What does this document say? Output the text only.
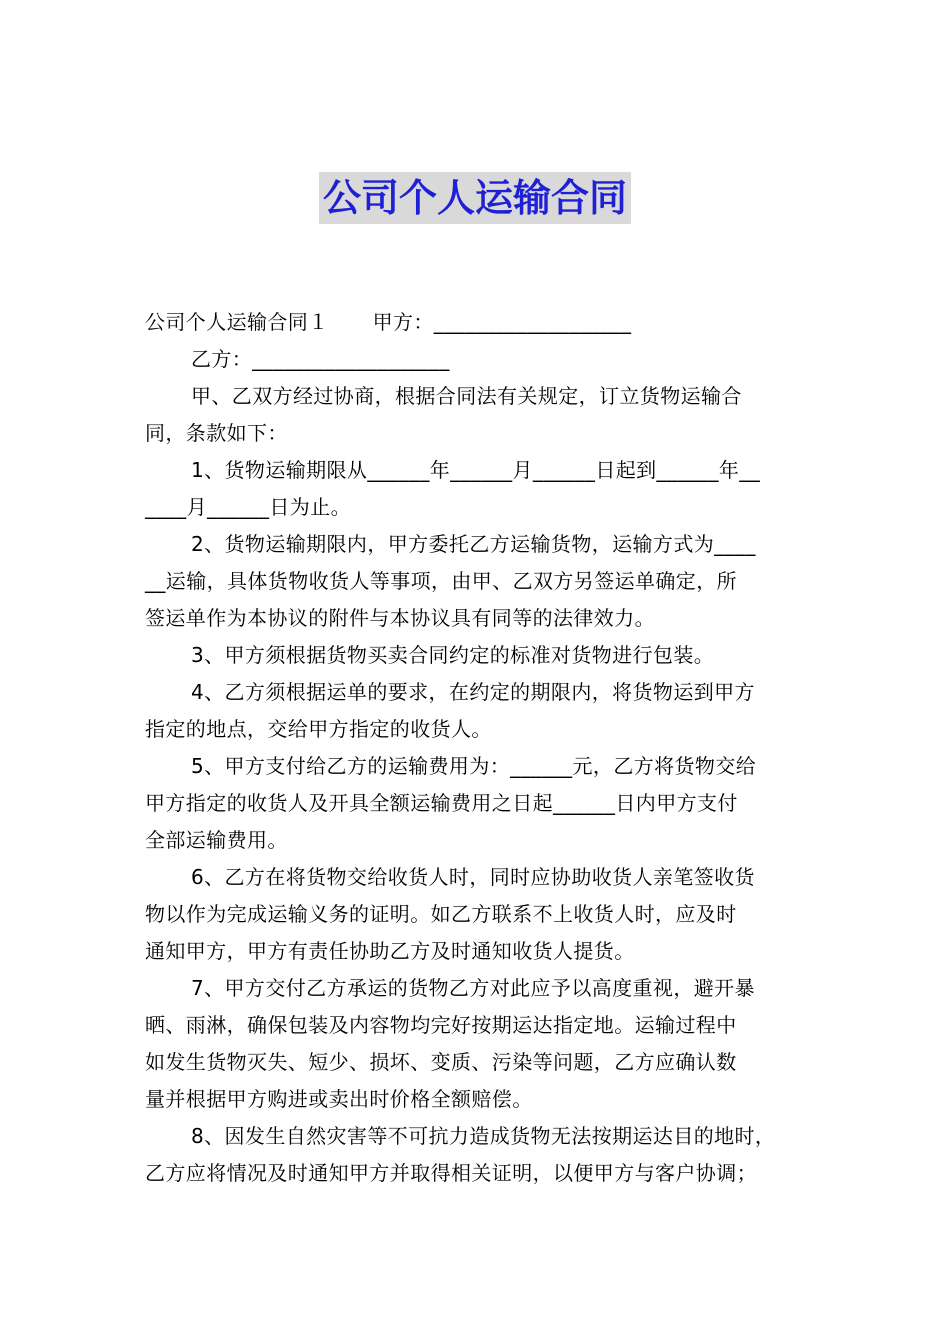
公司个人运输合同
公司个人运输合同１ 甲方：___________________
乙方：___________________
甲、乙双方经过协商，根据合同法有关规定，订立货物运输合
同，条款如下：
1、货物运输期限从______年______月______日起到______年__
____月______日为止。
2、货物运输期限内，甲方委托乙方运输货物，运输方式为____
__运输，具体货物收货人等事项，由甲、乙双方另签运单确定，所
签运单作为本协议的附件与本协议具有同等的法律效力。
3、甲方须根据货物买卖合同约定的标准对货物进行包装。
4、乙方须根据运单的要求，在约定的期限内，将货物运到甲方
指定的地点，交给甲方指定的收货人。
5、甲方支付给乙方的运输费用为：______元，乙方将货物交给
甲方指定的收货人及开具全额运输费用之日起______日内甲方支付
全部运输费用。
6、乙方在将货物交给收货人时，同时应协助收货人亲笔签收货
物以作为完成运输义务的证明。如乙方联系不上收货人时，应及时
通知甲方，甲方有责任协助乙方及时通知收货人提货。
7、甲方交付乙方承运的货物乙方对此应予以高度重视，避开暴
晒、雨淋，确保包装及内容物均完好按期运达指定地。运输过程中
如发生货物灭失、短少、损坏、变质、污染等问题，乙方应确认数
量并根据甲方购进或卖出时价格全额赔偿。
8、因发生自然灾害等不可抗力造成货物无法按期运达目的地时，
乙方应将情况及时通知甲方并取得相关证明，以便甲方与客户协调；
